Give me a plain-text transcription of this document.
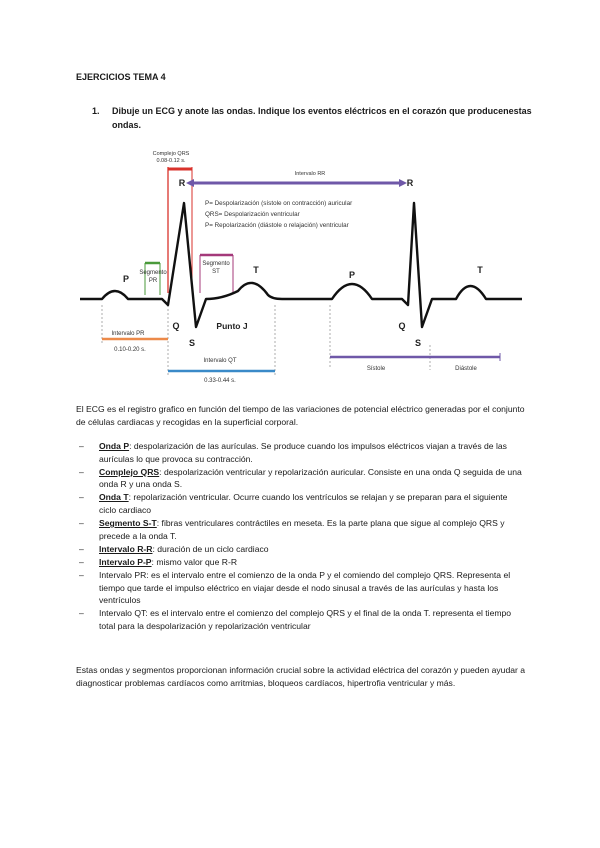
EJERCICIOS TEMA 4
1. Dibuje un ECG y anote las ondas. Indique los eventos eléctricos en el corazón que producenestas ondas.
Complejo QRS
0.08-0.12 s.
Intervalo RR
P= Despolarización (sístole on contracción) auricular
QRS= Despolarización ventricular
P= Repolarización (diástole o relajación) ventricular
Segmento
PR
Segmento
ST
P
R
Q
S
T	P
R
Q
S
T
Punto J
Intervalo PR
0.10-0.20 s.
Intervalo QT
0.33-0.44 s.
Sístole	Diástole
El ECG es el registro grafico en función del tiempo de las variaciones de potencial eléctrico generadas por el conjunto de células cardiacas y recogidas en la superficial corporal.
– Onda P: despolarización de las aurículas. Se produce cuando los impulsos eléctricos viajan a través de las aurículas lo que provoca su contracción.
– Complejo QRS: despolarización ventricular y repolarización auricular. Consiste en una onda Q seguida de una onda R y una onda S.
– Onda T: repolarización ventricular. Ocurre cuando los ventrículos se relajan y se preparan para el siguiente ciclo cardiaco
– Segmento S-T: fibras ventriculares contráctiles en meseta. Es la parte plana que sigue al complejo QRS y precede a la onda T.
– Intervalo R-R: duración de un ciclo cardiaco
– Intervalo P-P: mismo valor que R-R
– Intervalo PR: es el intervalo entre el comienzo de la onda P y el comiendo del complejo QRS. Representa el tiempo que tarde el impulso eléctrico en viajar desde el nodo sinusal a través de las aurículas y hasta los ventrículos
– Intervalo QT: es el intervalo entre el comienzo del complejo QRS y el final de la onda T. representa el tiempo total para la despolarización y repolarización ventricular
Estas ondas y segmentos proporcionan información crucial sobre la actividad eléctrica del corazón y pueden ayudar a diagnosticar problemas cardíacos como arritmias, bloqueos cardíacos, hipertrofia ventricular y más.
